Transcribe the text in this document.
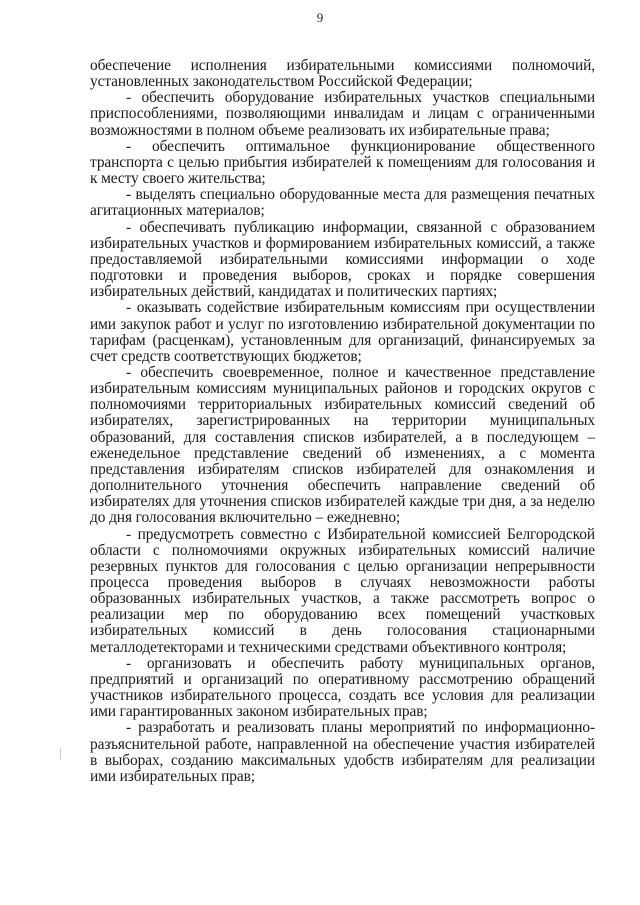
9

обеспечение исполнения избирательными комиссиями полномочий, установленных законодательством Российской Федерации;

- обеспечить оборудование избирательных участков специальными приспособлениями, позволяющими инвалидам и лицам с ограниченными возможностями в полном объеме реализовать их избирательные права;

- обеспечить оптимальное функционирование общественного транспорта с целью прибытия избирателей к помещениям для голосования и к месту своего жительства;

- выделять специально оборудованные места для размещения печатных агитационных материалов;

- обеспечивать публикацию информации, связанной с образованием избирательных участков и формированием избирательных комиссий, а также предоставляемой избирательными комиссиями информации о ходе подготовки и проведения выборов, сроках и порядке совершения избирательных действий, кандидатах и политических партиях;

- оказывать содействие избирательным комиссиям при осуществлении ими закупок работ и услуг по изготовлению избирательной документации по тарифам (расценкам), установленным для организаций, финансируемых за счет средств соответствующих бюджетов;

- обеспечить своевременное, полное и качественное представление избирательным комиссиям муниципальных районов и городских округов с полномочиями территориальных избирательных комиссий сведений об избирателях, зарегистрированных на территории муниципальных образований, для составления списков избирателей, а в последующем – еженедельное представление сведений об изменениях, а с момента представления избирателям списков избирателей для ознакомления и дополнительного уточнения обеспечить направление сведений об избирателях для уточнения списков избирателей каждые три дня, а за неделю до дня голосования включительно – ежедневно;

- предусмотреть совместно с Избирательной комиссией Белгородской области с полномочиями окружных избирательных комиссий наличие резервных пунктов для голосования с целью организации непрерывности процесса проведения выборов в случаях невозможности работы образованных избирательных участков, а также рассмотреть вопрос о реализации мер по оборудованию всех помещений участковых избирательных комиссий в день голосования стационарными металлодетекторами и техническими средствами объективного контроля;

- организовать и обеспечить работу муниципальных органов, предприятий и организаций по оперативному рассмотрению обращений участников избирательного процесса, создать все условия для реализации ими гарантированных законом избирательных прав;

- разработать и реализовать планы мероприятий по информационно-разъяснительной работе, направленной на обеспечение участия избирателей в выборах, созданию максимальных удобств избирателям для реализации ими избирательных прав;
